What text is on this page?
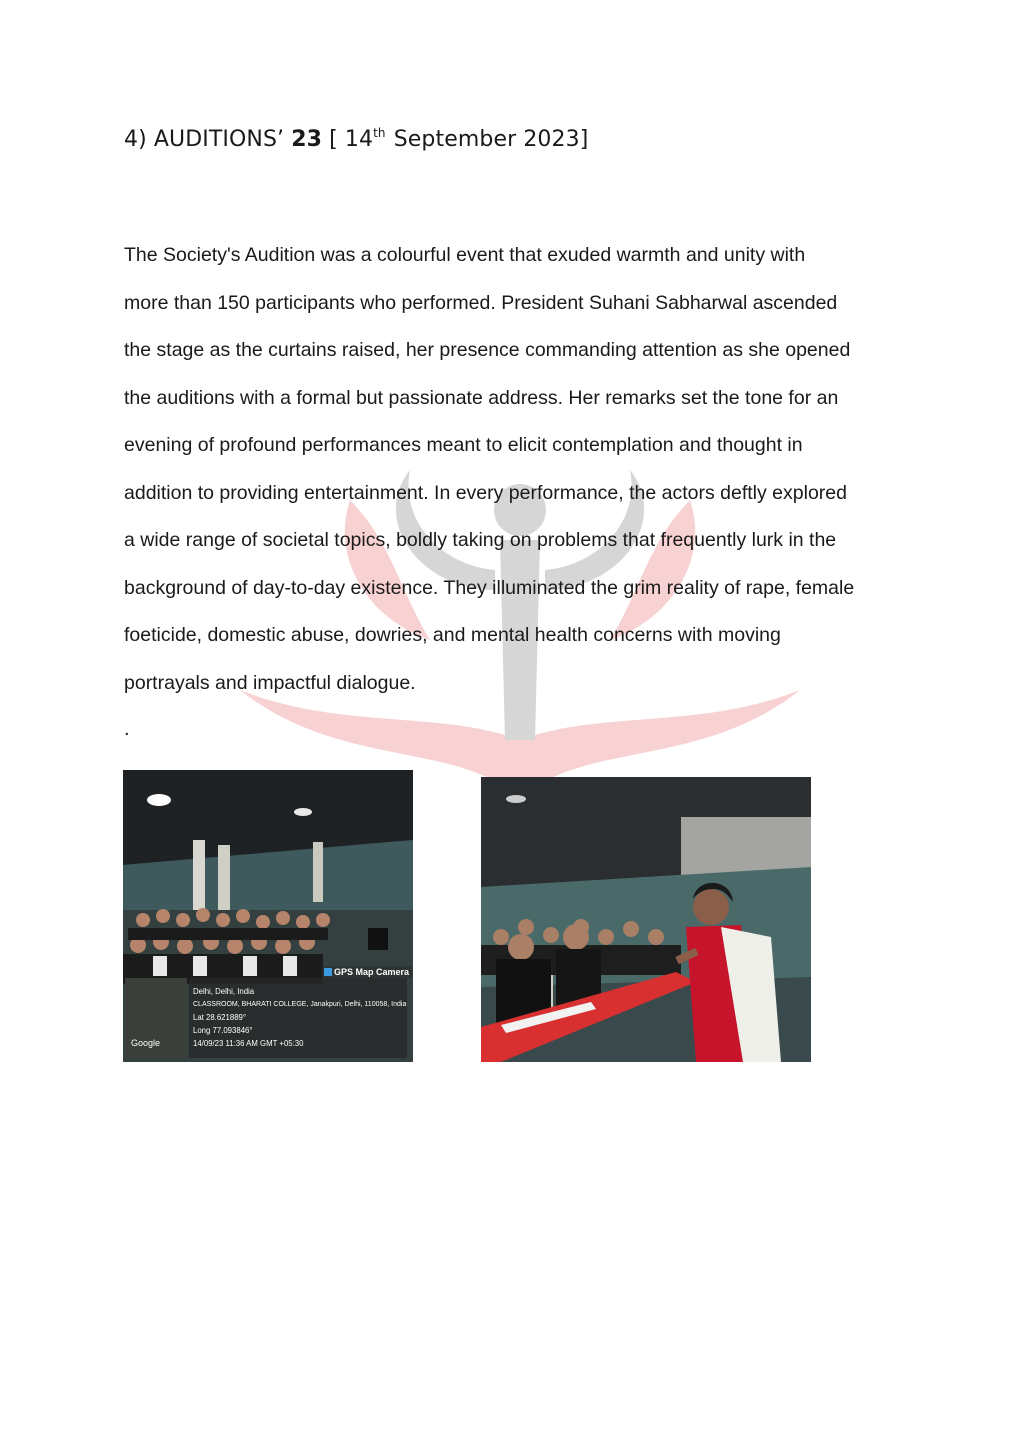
4) AUDITIONS’ 23 [ 14th September 2023]

The Society's Audition was a colourful event that exuded warmth and unity with

more than 150 participants who performed. President Suhani Sabharwal ascended

the stage as the curtains raised, her presence commanding attention as she opened

the auditions with a formal but passionate address. Her remarks set the tone for an

evening of profound performances meant to elicit contemplation and thought in

addition to providing entertainment. In every performance, the actors deftly explored

a wide range of societal topics, boldly taking on problems that frequently lurk in the

background of day-to-day existence. They illuminated the grim reality of rape, female

foeticide, domestic abuse, dowries, and mental health concerns with moving

portrayals and impactful dialogue.

.
Google
GPS Map Camera
Delhi, Delhi, India
CLASSROOM, BHARATI COLLEGE, Janakpuri, Delhi, 110058, India
Lat 28.621889°
Long 77.093846°
14/09/23 11:36 AM GMT +05:30
